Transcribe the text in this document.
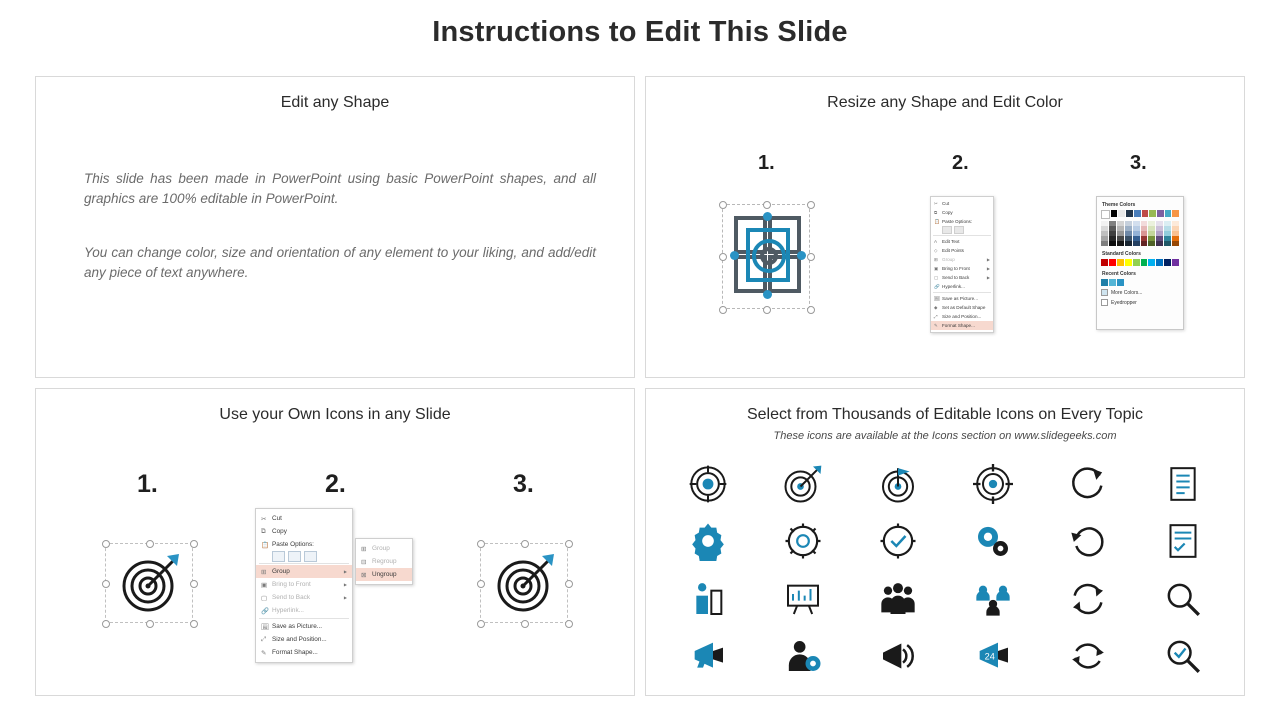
Instructions to Edit This Slide
Edit any Shape
This slide has been made in PowerPoint using basic PowerPoint shapes, and all graphics are 100% editable in PowerPoint.
You can change color, size and orientation of any element to your liking, and add/edit any piece of text anywhere.
Resize any Shape and Edit Color
1.	2.	3.
✂ Cut
⧉	Copy
📋 Paste Options:
A	Edit Text
◇ Edit Points
⊞ Group	▶
▣ Bring to Front	▶
▢ Send to Back	▶
🔗 Hyperlink...
🖼 Save as Picture...
◆ Set as Default Shape
⤢ Size and Position...
✎ Format Shape...
Theme Colors
Standard Colors
Recent Colors
More Colors...
Eyedropper
Use your Own Icons in any Slide
1.	2.	3.
✂ Cut
⧉	Copy
📋 Paste Options:
⊞ Group	▶
▣ Bring to Front	▶
▢ Send to Back	▶
🔗 Hyperlink...
🖼 Save as Picture...
⤢ Size and Position...
✎ Format Shape...
⊞ Group
⊟ Regroup
⊠ Ungroup
Select from Thousands of Editable Icons on Every Topic
These icons are available at the Icons section on www.slidegeeks.com
24
